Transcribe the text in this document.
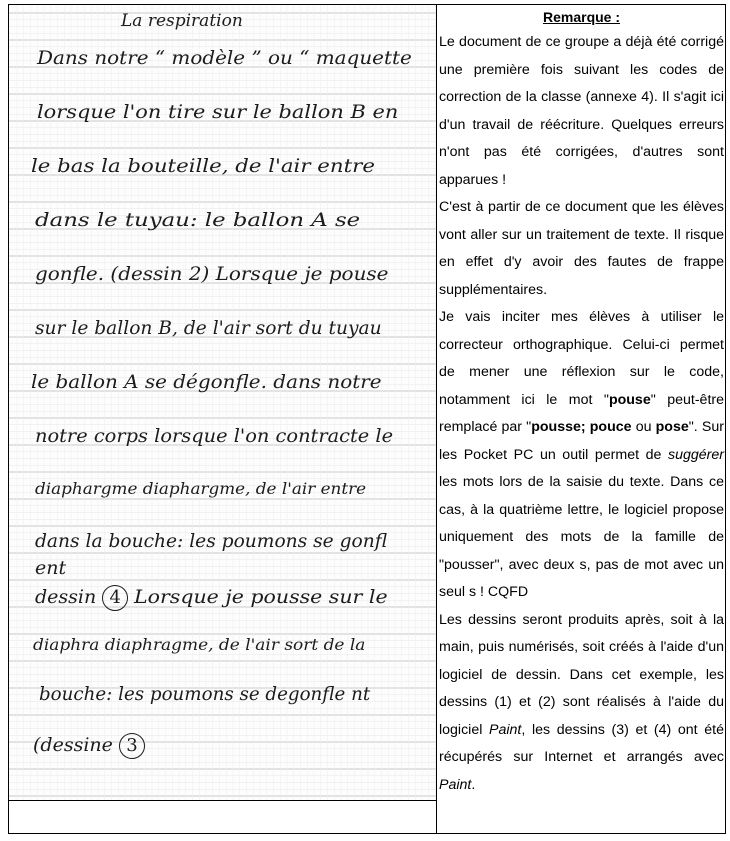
La respiration
Dans notre “ modèle ” ou “ maquette
lorsque l'on tire sur le ballon B en
le bas la bouteille, de l'air entre
dans le tuyau: le ballon A se
gonfle. (dessin 2) Lorsque je pouse
sur le ballon B, de l'air sort du tuyau
le ballon A se dégonfle. dans notre
notre corps lorsque l'on contracte le
diaphargme diaphargme, de l'air entre
dans la bouche: les poumons se gonfl
ent
dessin 4 Lorsque je pousse sur le
diaphra diaphragme, de l'air sort de la
bouche: les poumons se degonfle nt
(dessine 3
Remarque :

Le document de ce groupe a déjà été corrigé une première fois suivant les codes de correction de la classe (annexe 4). Il s'agit ici d'un travail de réécriture. Quelques erreurs n'ont pas été corrigées, d'autres sont apparues !

C'est à partir de ce document que les élèves vont aller sur un traitement de texte. Il risque en effet d'y avoir des fautes de frappe supplémentaires.

Je vais inciter mes élèves à utiliser le correcteur orthographique. Celui-ci permet de mener une réflexion sur le code, notamment ici le mot "pouse" peut-être remplacé par "pousse; pouce ou pose". Sur les Pocket PC un outil permet de suggérer les mots lors de la saisie du texte. Dans ce cas, à la quatrième lettre, le logiciel propose uniquement des mots de la famille de "pousser", avec deux s, pas de mot avec un seul s ! CQFD

Les dessins seront produits après, soit à la main, puis numérisés, soit créés à l'aide d'un logiciel de dessin. Dans cet exemple, les dessins (1) et (2) sont réalisés à l'aide du logiciel Paint, les dessins (3) et (4) ont été récupérés sur Internet et arrangés avec Paint.
